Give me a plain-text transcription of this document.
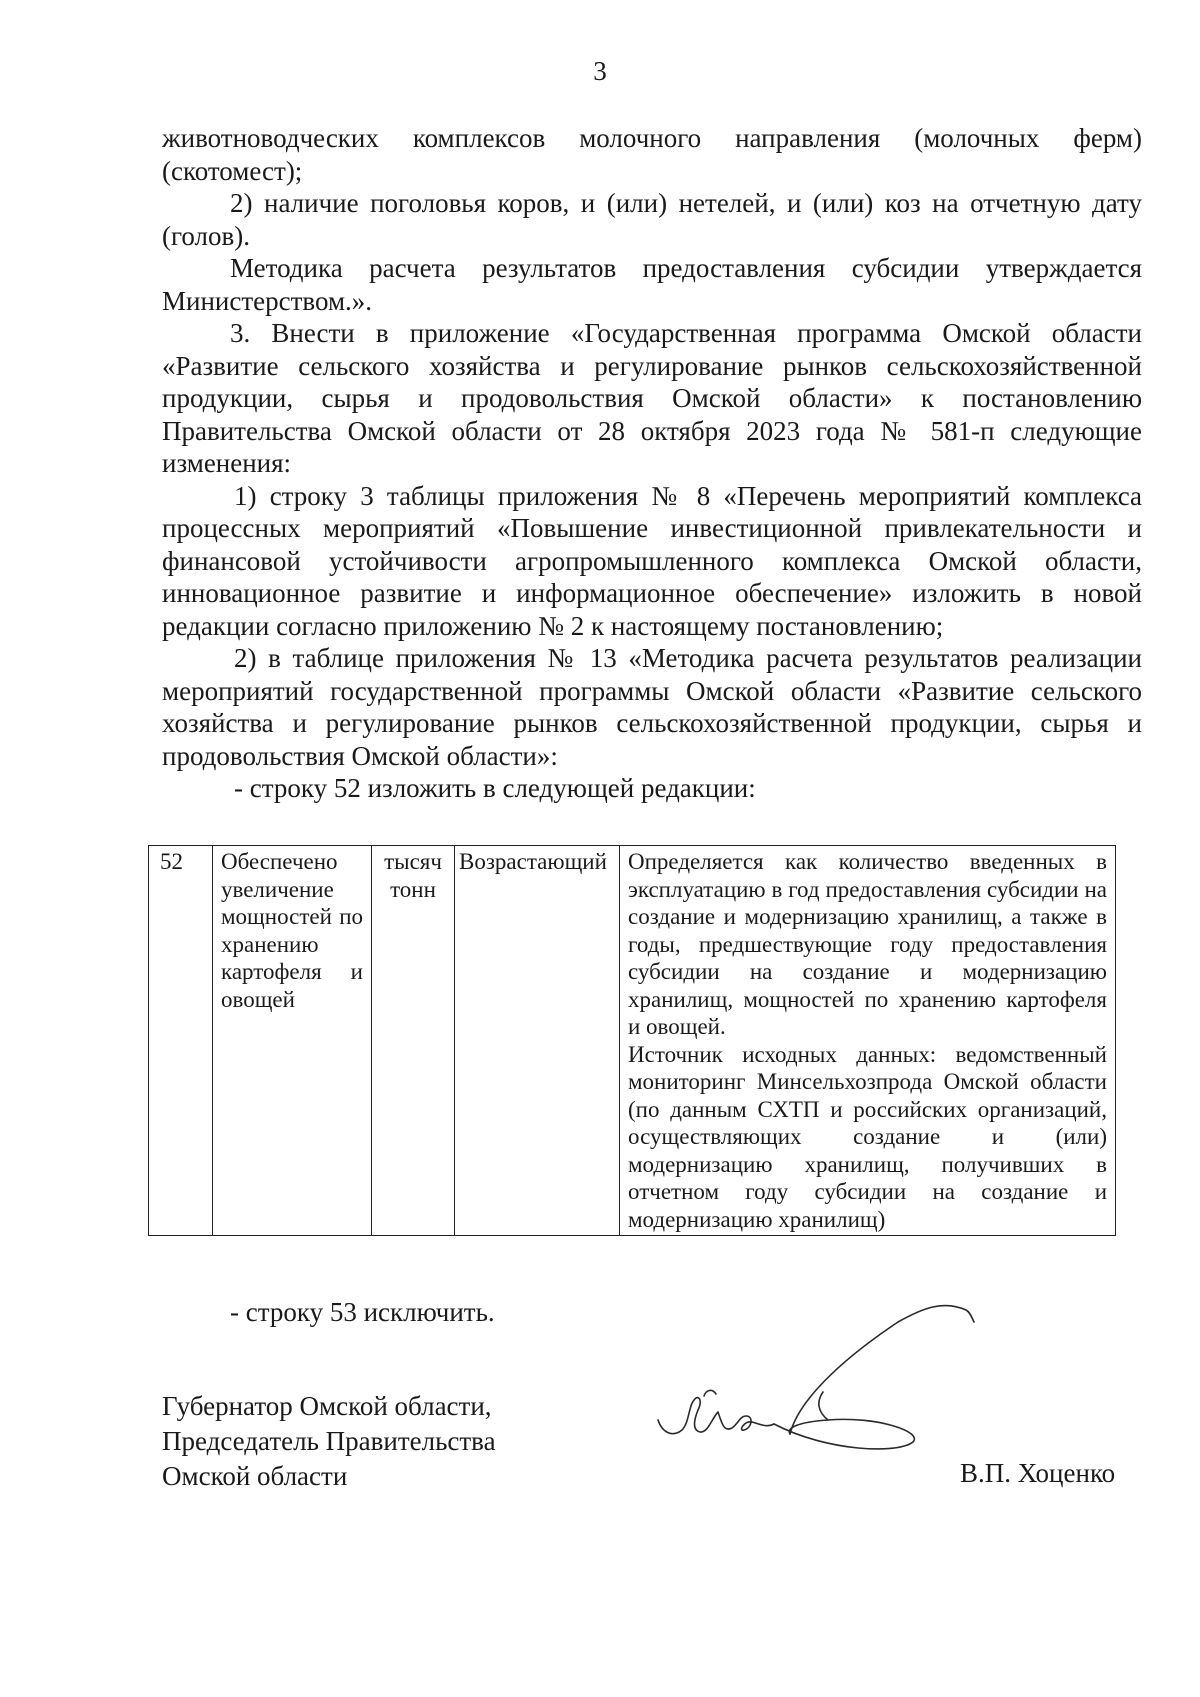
3

животноводческих комплексов молочного направления (молочных ферм) (скотомест);

2) наличие поголовья коров, и (или) нетелей, и (или) коз на отчетную дату (голов).

Методика расчета результатов предоставления субсидии утверждается Министерством.».

3. Внести в приложение «Государственная программа Омской области «Развитие сельского хозяйства и регулирование рынков сельскохозяйственной продукции, сырья и продовольствия Омской области» к постановлению Правительства Омской области от 28 октября 2023 года № 581-п следующие изменения:

1) строку 3 таблицы приложения № 8 «Перечень мероприятий комплекса процессных мероприятий «Повышение инвестиционной привлекательности и финансовой устойчивости агропромышленного комплекса Омской области, инновационное развитие и информационное обеспечение» изложить в новой редакции согласно приложению № 2 к настоящему постановлению;

2) в таблице приложения № 13 «Методика расчета результатов реализации мероприятий государственной программы Омской области «Развитие сельского хозяйства и регулирование рынков сельскохозяйственной продукции, сырья и продовольствия Омской области»:

- строку 52 изложить в следующей редакции:

52	Обеспечено увеличение мощностей по хранению картофеля и овощей	тысяч тонн	Возрастающий	Определяется как количество введенных в эксплуатацию в год предоставления субсидии на создание и модернизацию хранилищ, а также в годы, предшествующие году предоставления субсидии на создание и модернизацию хранилищ, мощностей по хранению картофеля и овощей.
Источник исходных данных: ведомственный мониторинг Минсельхозпрода Омской области (по данным СХТП и российских организаций, осуществляющих создание и (или) модернизацию хранилищ, получивших в отчетном году субсидии на создание и модернизацию хранилищ)
- строку 53 исключить.
Губернатор Омской области,
Председатель Правительства
Омской области	В.П. Хоценко
